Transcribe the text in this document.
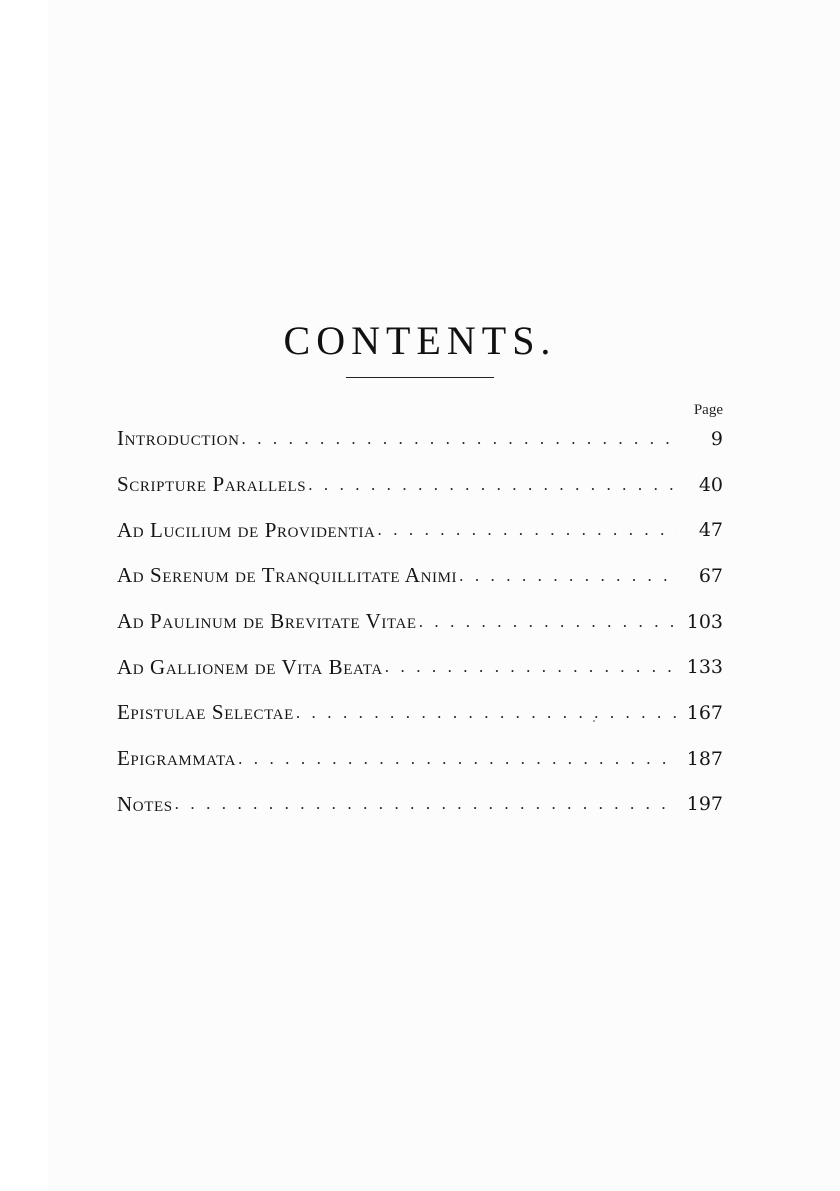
CONTENTS.
Page
Introduction . . .	9
Scripture Parallels . . .	40
Ad Lucilium de Providentia . . .	47
Ad Serenum de Tranquillitate Animi . . .	67
Ad Paulinum de Brevitate Vitae . . .	103
Ad Gallionem de Vita Beata . . .	133
Epistulae Selectae . . .	167
Epigrammata . . .	187
Notes . . .	197
